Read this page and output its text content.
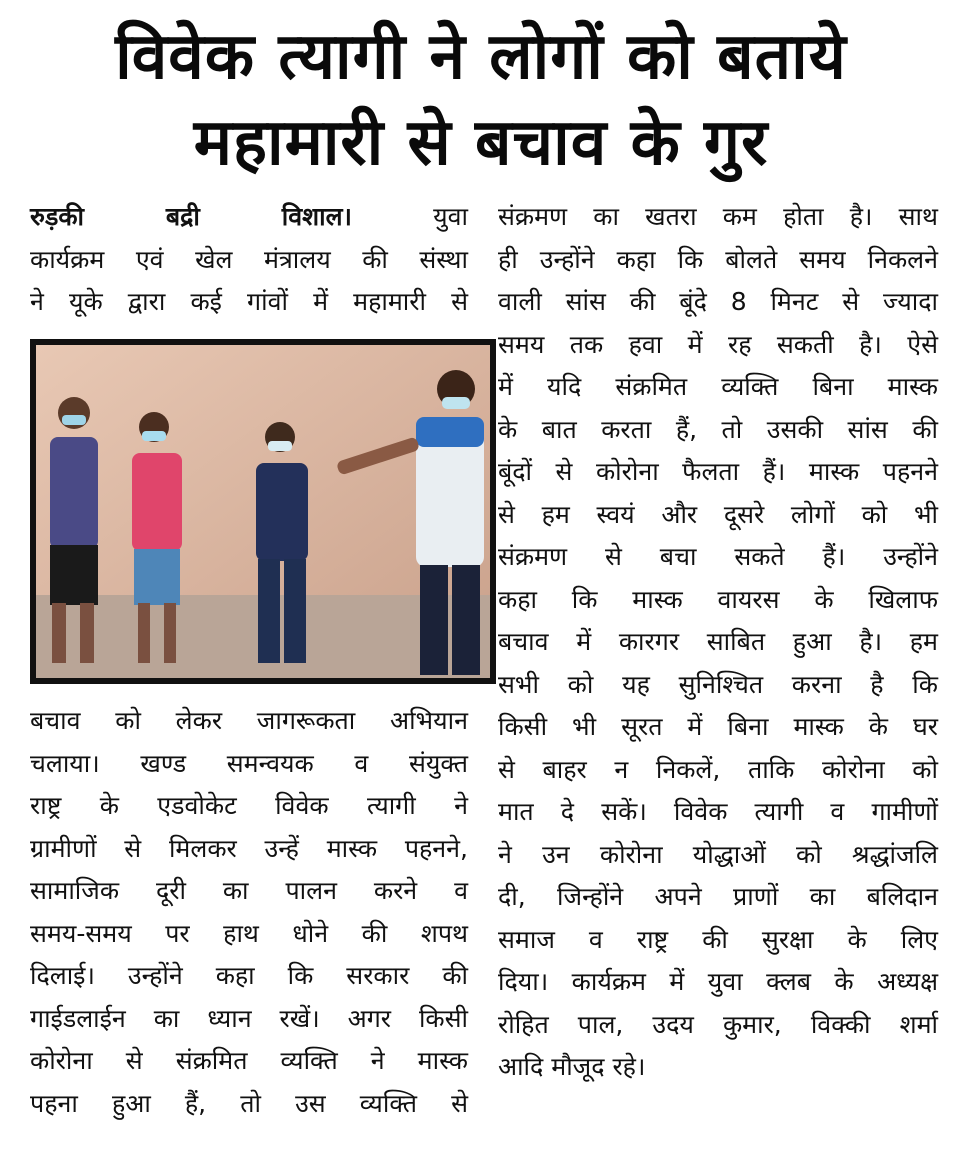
विवेक त्यागी ने लोगों को बताये
महामारी से बचाव के गुर
रुड़की बद्री विशाल। युवा
कार्यक्रम एवं खेल मंत्रालय की संस्था
ने यूके द्वारा कई गांवों में महामारी से
बचाव को लेकर जागरूकता अभियान
चलाया। खण्ड समन्वयक व संयुक्त
राष्ट्र के एडवोकेट विवेक त्यागी ने
ग्रामीणों से मिलकर उन्हें मास्क पहनने,
सामाजिक दूरी का पालन करने व
समय-समय पर हाथ धोने की शपथ
दिलाई। उन्होंने कहा कि सरकार की
गाईडलाईन का ध्यान रखें। अगर किसी
कोरोना से संक्रमित व्यक्ति ने मास्क
पहना हुआ हैं, तो उस व्यक्ति से
संक्रमण का खतरा कम होता है। साथ
ही उन्होंने कहा कि बोलते समय निकलने
वाली सांस की बूंदे 8 मिनट से ज्यादा
समय तक हवा में रह सकती है। ऐसे
में यदि संक्रमित व्यक्ति बिना मास्क
के बात करता हैं, तो उसकी सांस की
बूंदों से कोरोना फैलता हैं। मास्क पहनने
से हम स्वयं और दूसरे लोगों को भी
संक्रमण से बचा सकते हैं। उन्होंने
कहा कि मास्क वायरस के खिलाफ
बचाव में कारगर साबित हुआ है। हम
सभी को यह सुनिश्चित करना है कि
किसी भी सूरत में बिना मास्क के घर
से बाहर न निकलें, ताकि कोरोना को
मात दे सकें। विवेक त्यागी व गामीणों
ने उन कोरोना योद्धाओं को श्रद्धांजलि
दी, जिन्होंने अपने प्राणों का बलिदान
समाज व राष्ट्र की सुरक्षा के लिए
दिया। कार्यक्रम में युवा क्लब के अध्यक्ष
रोहित पाल, उदय कुमार, विक्की शर्मा
आदि मौजूद रहे।
